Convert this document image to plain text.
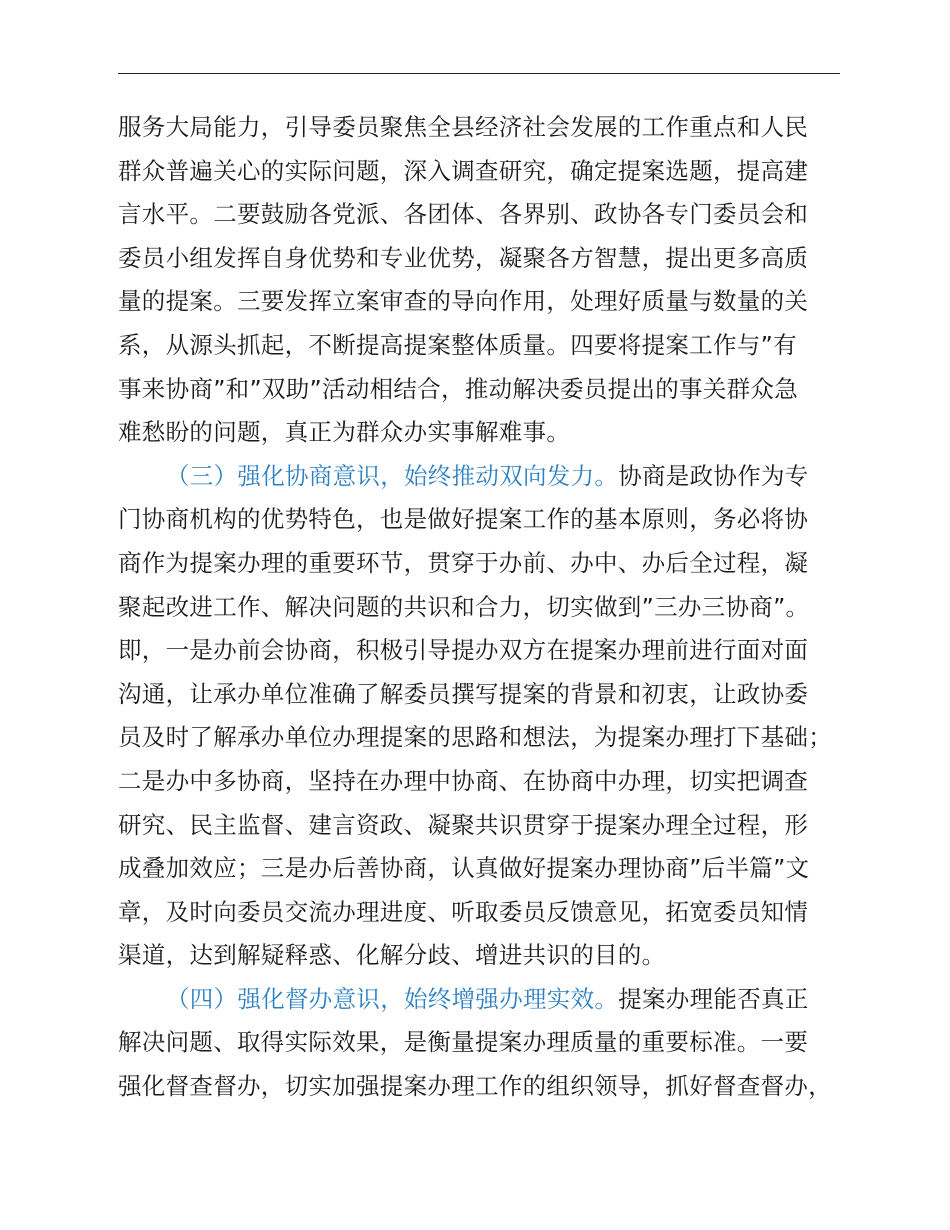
服务大局能力，引导委员聚焦全县经济社会发展的工作重点和人民
群众普遍关心的实际问题，深入调查研究，确定提案选题，提高建
言水平。二要鼓励各党派、各团体、各界别、政协各专门委员会和
委员小组发挥自身优势和专业优势，凝聚各方智慧，提出更多高质
量的提案。三要发挥立案审查的导向作用，处理好质量与数量的关
系，从源头抓起，不断提高提案整体质量。四要将提案工作与”有
事来协商”和”双助”活动相结合，推动解决委员提出的事关群众急
难愁盼的问题，真正为群众办实事解难事。
（三）强化协商意识，始终推动双向发力。协商是政协作为专
门协商机构的优势特色，也是做好提案工作的基本原则，务必将协
商作为提案办理的重要环节，贯穿于办前、办中、办后全过程，凝
聚起改进工作、解决问题的共识和合力，切实做到”三办三协商”。
即，一是办前会协商，积极引导提办双方在提案办理前进行面对面
沟通，让承办单位准确了解委员撰写提案的背景和初衷，让政协委
员及时了解承办单位办理提案的思路和想法，为提案办理打下基础；
二是办中多协商，坚持在办理中协商、在协商中办理，切实把调查
研究、民主监督、建言资政、凝聚共识贯穿于提案办理全过程，形
成叠加效应；三是办后善协商，认真做好提案办理协商”后半篇”文
章，及时向委员交流办理进度、听取委员反馈意见，拓宽委员知情
渠道，达到解疑释惑、化解分歧、增进共识的目的。
（四）强化督办意识，始终增强办理实效。提案办理能否真正
解决问题、取得实际效果，是衡量提案办理质量的重要标准。一要
强化督查督办，切实加强提案办理工作的组织领导，抓好督查督办，
